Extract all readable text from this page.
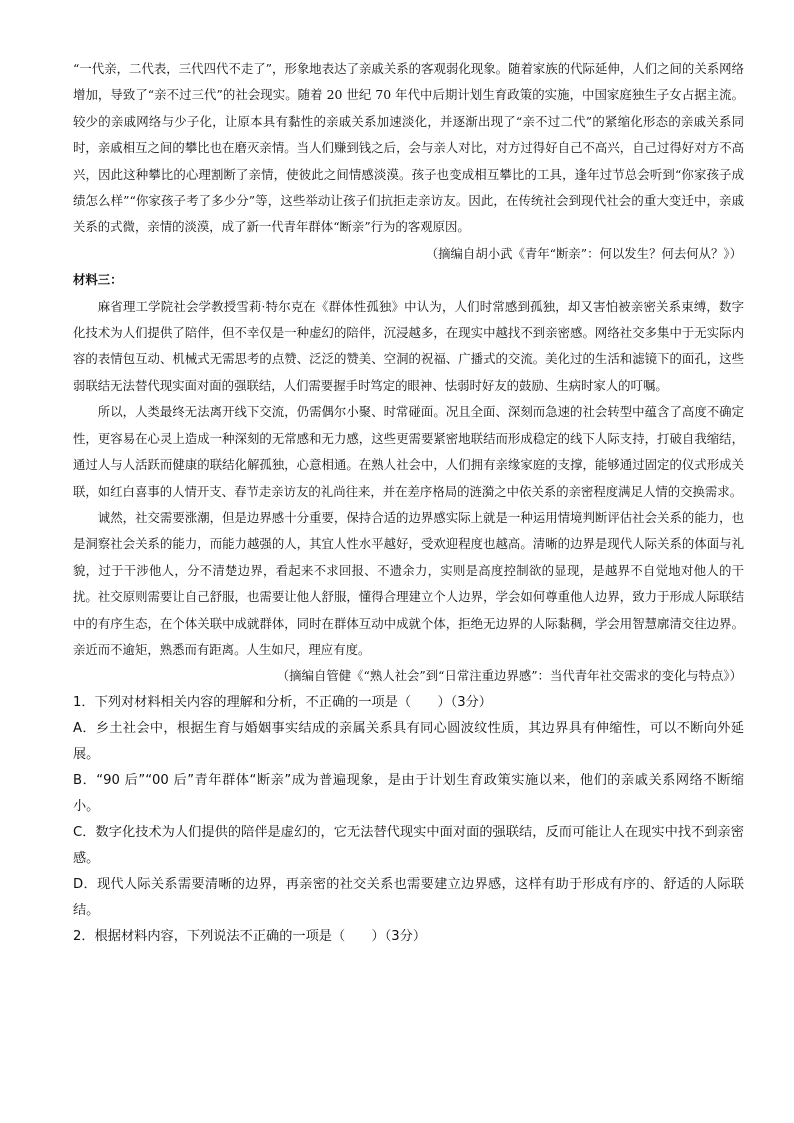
“一代亲，二代表，三代四代不走了”，形象地表达了亲戚关系的客观弱化现象。随着家族的代际延伸，人们之间的关系网络增加，导致了“亲不过三代”的社会现实。随着 20 世纪 70 年代中后期计划生育政策的实施，中国家庭独生子女占据主流。较少的亲戚网络与少子化，让原本具有黏性的亲戚关系加速淡化，并逐渐出现了“亲不过二代”的紧缩化形态的亲戚关系同时，亲戚相互之间的攀比也在磨灭亲情。当人们赚到钱之后，会与亲人对比，对方过得好自己不高兴，自己过得好对方不高兴，因此这种攀比的心理割断了亲情，使彼此之间情感淡漠。孩子也变成相互攀比的工具，逢年过节总会听到“你家孩子成绩怎么样”“你家孩子考了多少分”等，这些举动让孩子们抗拒走亲访友。因此，在传统社会到现代社会的重大变迁中，亲戚关系的式微，亲情的淡漠，成了新一代青年群体“断亲”行为的客观原因。

（摘编自胡小武《青年“断亲”：何以发生？何去何从？》）

材料三：

麻省理工学院社会学教授雪莉·特尔克在《群体性孤独》中认为，人们时常感到孤独，却又害怕被亲密关系束缚，数字化技术为人们提供了陪伴，但不幸仅是一种虚幻的陪伴，沉浸越多，在现实中越找不到亲密感。网络社交多集中于无实际内容的表情包互动、机械式无需思考的点赞、泛泛的赞美、空洞的祝福、广播式的交流。美化过的生活和滤镜下的面孔，这些弱联结无法替代现实面对面的强联结，人们需要握手时笃定的眼神、怯弱时好友的鼓励、生病时家人的叮嘱。

所以，人类最终无法离开线下交流，仍需偶尔小聚、时常碰面。况且全面、深刻而急速的社会转型中蕴含了高度不确定性，更容易在心灵上造成一种深刻的无常感和无力感，这些更需要紧密地联结而形成稳定的线下人际支持，打破自我缩结，通过人与人活跃而健康的联结化解孤独，心意相通。在熟人社会中，人们拥有亲缘家庭的支撑，能够通过固定的仪式形成关联，如红白喜事的人情开支、春节走亲访友的礼尚往来，并在差序格局的涟漪之中依关系的亲密程度满足人情的交换需求。

诚然，社交需要涨潮，但是边界感十分重要，保持合适的边界感实际上就是一种运用情境判断评估社会关系的能力，也是洞察社会关系的能力，而能力越强的人，其宜人性水平越好，受欢迎程度也越高。清晰的边界是现代人际关系的体面与礼貌，过于干涉他人，分不清楚边界，看起来不求回报、不遗余力，实则是高度控制欲的显现，是越界不自觉地对他人的干扰。社交原则需要让自己舒服，也需要让他人舒服，懂得合理建立个人边界，学会如何尊重他人边界，致力于形成人际联结中的有序生态，在个体关联中成就群体，同时在群体互动中成就个体，拒绝无边界的人际黏稠，学会用智慧廓清交往边界。亲近而不逾矩，熟悉而有距离。人生如尺，理应有度。

（摘编自管健《“熟人社会”到“日常注重边界感”：当代青年社交需求的变化与特点》）

1．下列对材料相关内容的理解和分析，不正确的一项是（　　）（3分）

A．乡土社会中，根据生育与婚姻事实结成的亲属关系具有同心圆波纹性质，其边界具有伸缩性，可以不断向外延展。

B．“90 后”“00 后”青年群体“断亲”成为普遍现象，是由于计划生育政策实施以来，他们的亲戚关系网络不断缩小。

C．数字化技术为人们提供的陪伴是虚幻的，它无法替代现实中面对面的强联结，反而可能让人在现实中找不到亲密感。

D．现代人际关系需要清晰的边界，再亲密的社交关系也需要建立边界感，这样有助于形成有序的、舒适的人际联结。

2．根据材料内容，下列说法不正确的一项是（　　）（3分）
